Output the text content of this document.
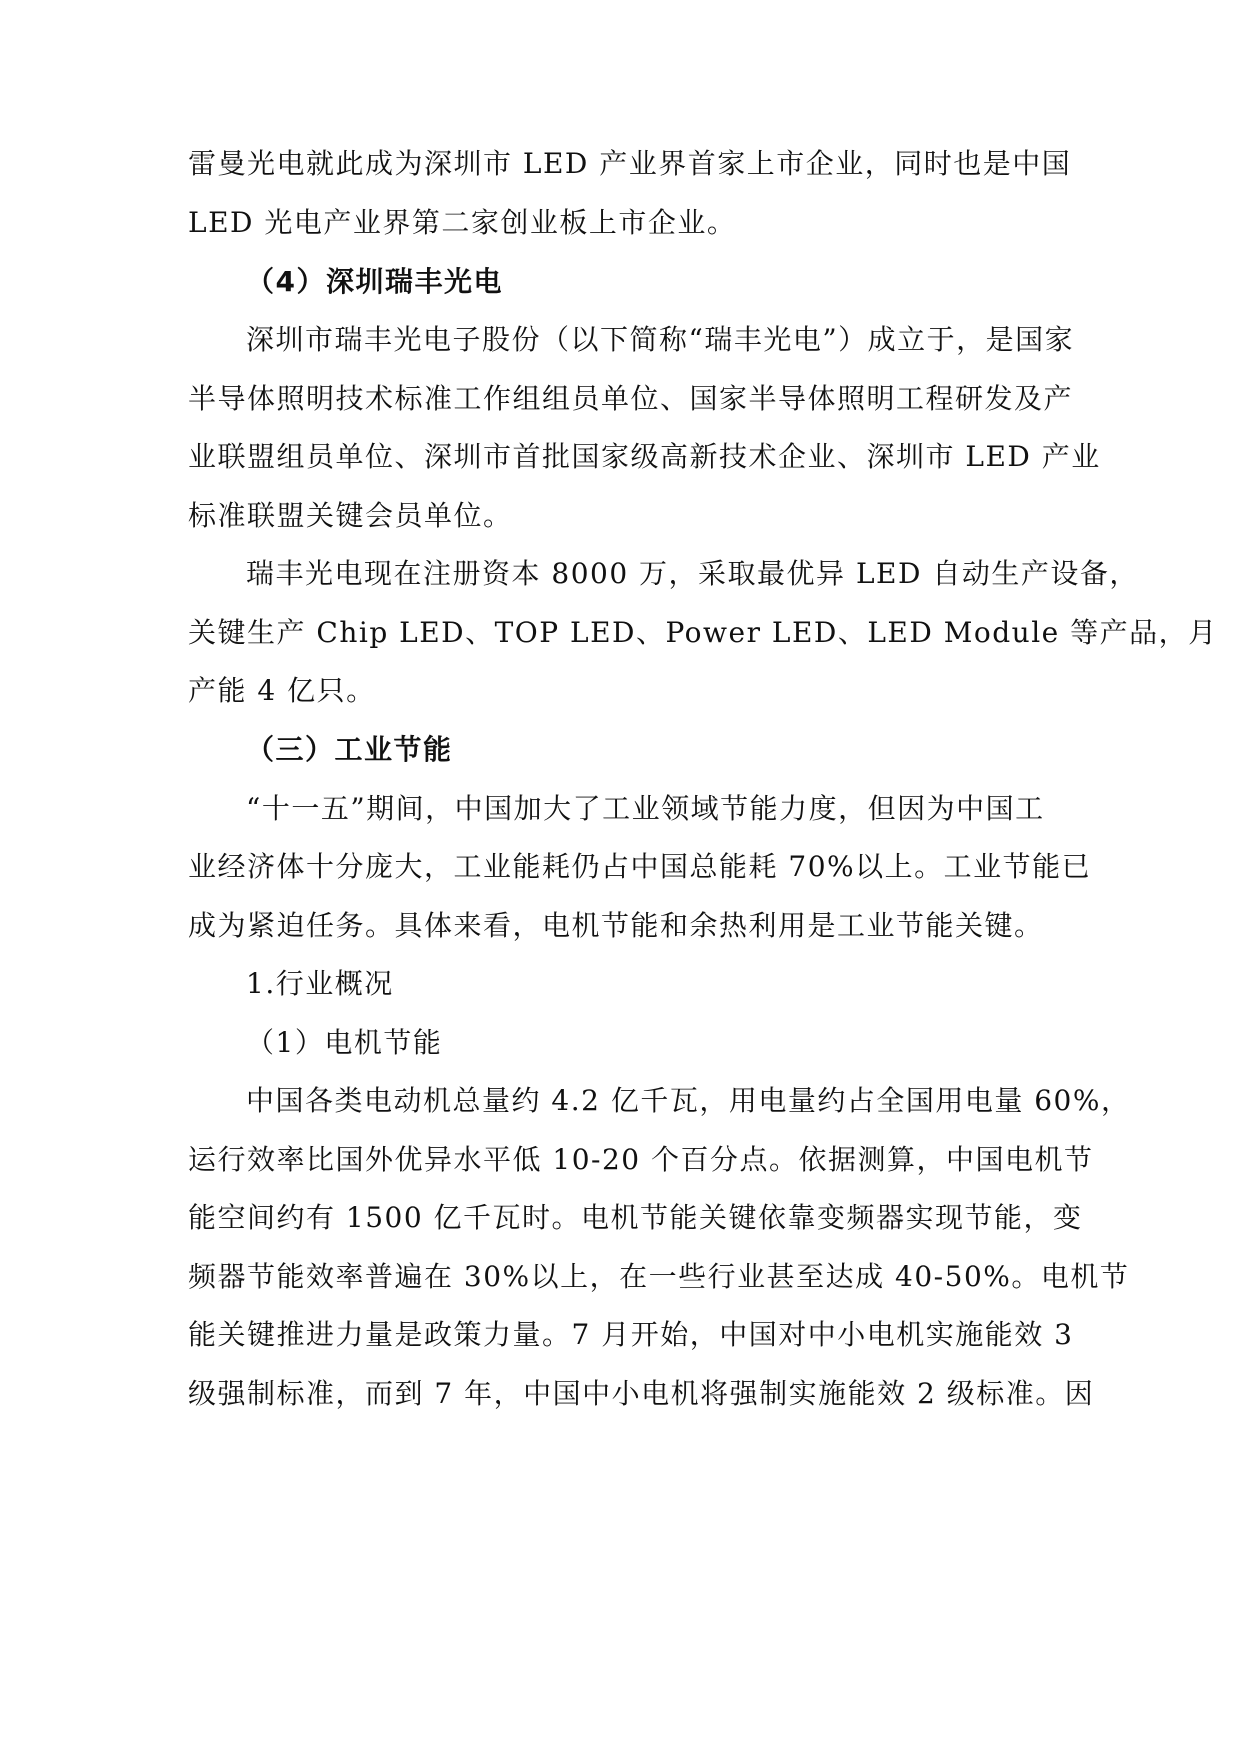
雷曼光电就此成为深圳市 LED 产业界首家上市企业，同时也是中国

LED 光电产业界第二家创业板上市企业。

（4）深圳瑞丰光电

深圳市瑞丰光电子股份（以下简称“瑞丰光电”）成立于，是国家

半导体照明技术标准工作组组员单位、国家半导体照明工程研发及产

业联盟组员单位、深圳市首批国家级高新技术企业、深圳市 LED 产业

标准联盟关键会员单位。

瑞丰光电现在注册资本 8000 万，采取最优异 LED 自动生产设备，

关键生产 Chip LED、TOP LED、Power LED、LED Module 等产品，月

产能 4 亿只。

（三）工业节能

“十一五”期间，中国加大了工业领域节能力度，但因为中国工

业经济体十分庞大，工业能耗仍占中国总能耗 70%以上。工业节能已

成为紧迫任务。具体来看，电机节能和余热利用是工业节能关键。

1.行业概况

（1）电机节能

中国各类电动机总量约 4.2 亿千瓦，用电量约占全国用电量 60%，

运行效率比国外优异水平低 10-20 个百分点。依据测算，中国电机节

能空间约有 1500 亿千瓦时。电机节能关键依靠变频器实现节能，变

频器节能效率普遍在 30%以上，在一些行业甚至达成 40-50%。电机节

能关键推进力量是政策力量。7 月开始，中国对中小电机实施能效 3

级强制标准，而到 7 年，中国中小电机将强制实施能效 2 级标准。因
